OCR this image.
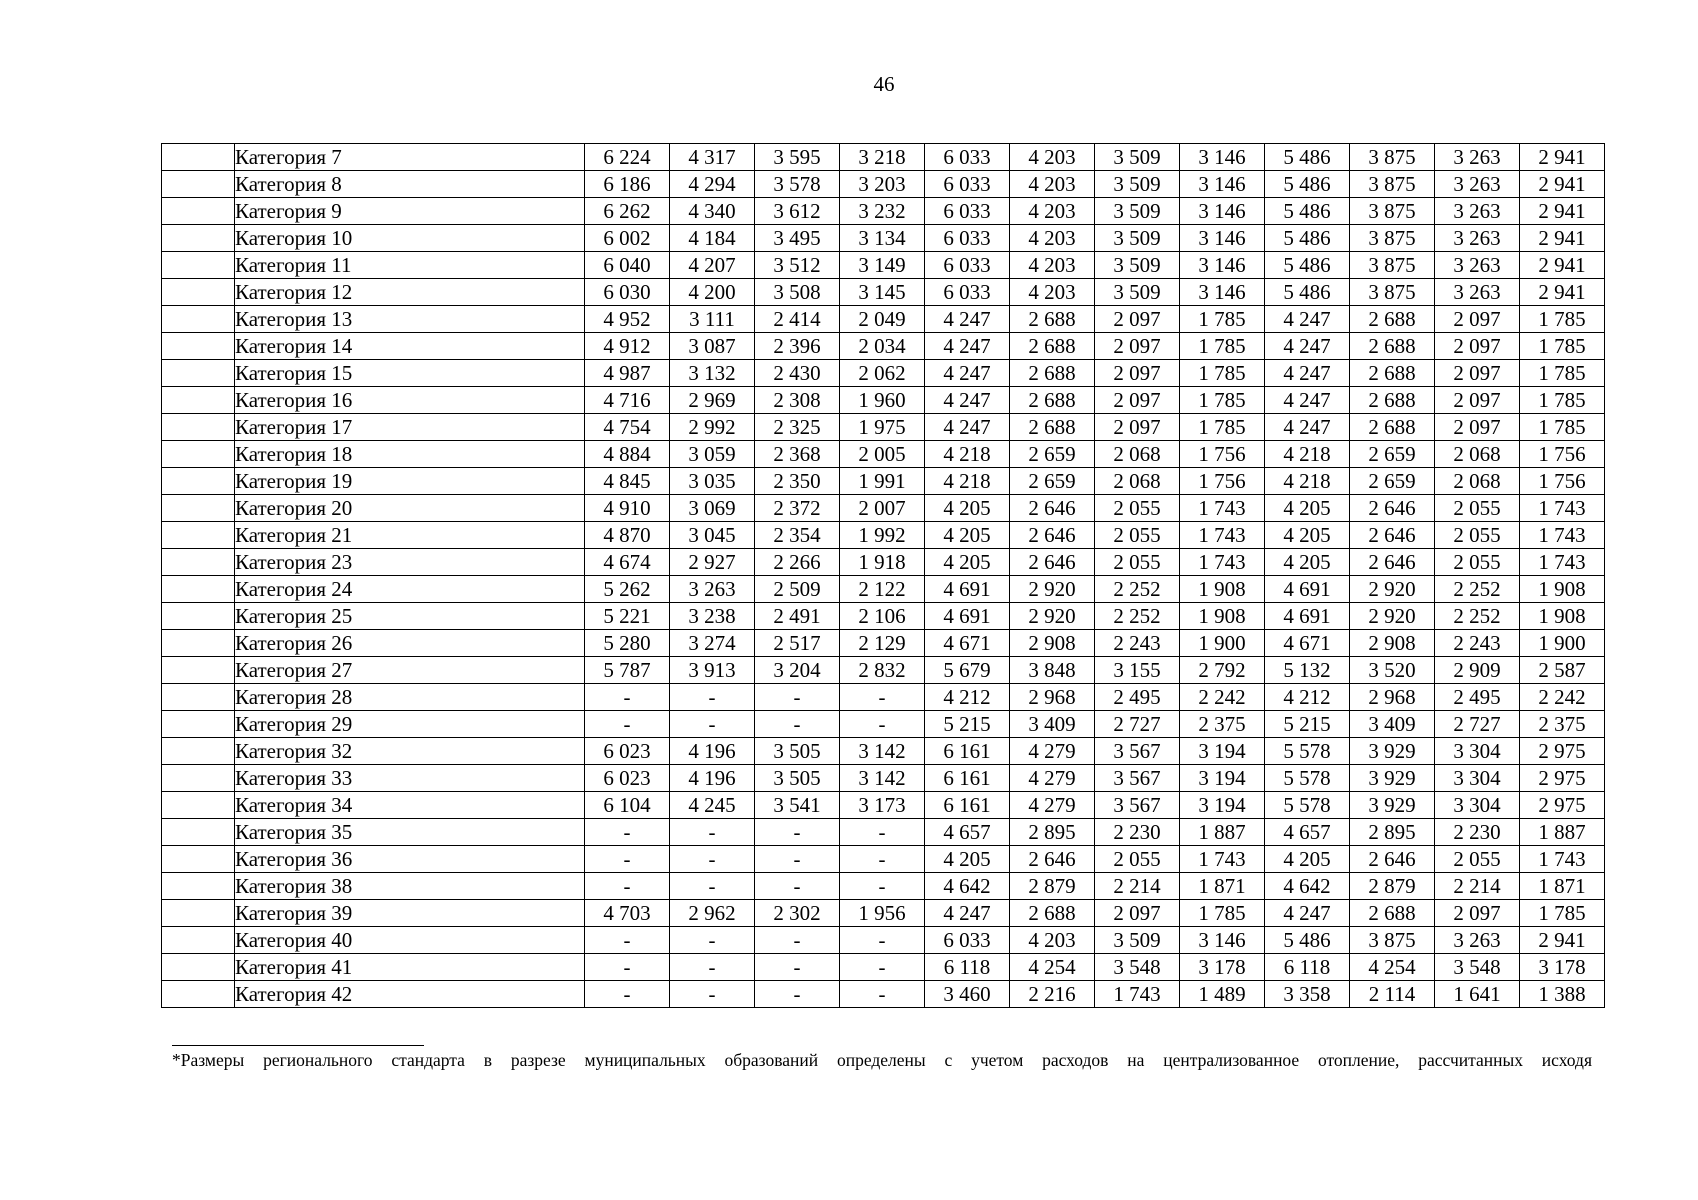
46
	Категория 7	6 224	4 317	3 595	3 218	6 033	4 203	3 509	3 146	5 486	3 875	3 263	2 941
	Категория 8	6 186	4 294	3 578	3 203	6 033	4 203	3 509	3 146	5 486	3 875	3 263	2 941
	Категория 9	6 262	4 340	3 612	3 232	6 033	4 203	3 509	3 146	5 486	3 875	3 263	2 941
	Категория 10	6 002	4 184	3 495	3 134	6 033	4 203	3 509	3 146	5 486	3 875	3 263	2 941
	Категория 11	6 040	4 207	3 512	3 149	6 033	4 203	3 509	3 146	5 486	3 875	3 263	2 941
	Категория 12	6 030	4 200	3 508	3 145	6 033	4 203	3 509	3 146	5 486	3 875	3 263	2 941
	Категория 13	4 952	3 111	2 414	2 049	4 247	2 688	2 097	1 785	4 247	2 688	2 097	1 785
	Категория 14	4 912	3 087	2 396	2 034	4 247	2 688	2 097	1 785	4 247	2 688	2 097	1 785
	Категория 15	4 987	3 132	2 430	2 062	4 247	2 688	2 097	1 785	4 247	2 688	2 097	1 785
	Категория 16	4 716	2 969	2 308	1 960	4 247	2 688	2 097	1 785	4 247	2 688	2 097	1 785
	Категория 17	4 754	2 992	2 325	1 975	4 247	2 688	2 097	1 785	4 247	2 688	2 097	1 785
	Категория 18	4 884	3 059	2 368	2 005	4 218	2 659	2 068	1 756	4 218	2 659	2 068	1 756
	Категория 19	4 845	3 035	2 350	1 991	4 218	2 659	2 068	1 756	4 218	2 659	2 068	1 756
	Категория 20	4 910	3 069	2 372	2 007	4 205	2 646	2 055	1 743	4 205	2 646	2 055	1 743
	Категория 21	4 870	3 045	2 354	1 992	4 205	2 646	2 055	1 743	4 205	2 646	2 055	1 743
	Категория 23	4 674	2 927	2 266	1 918	4 205	2 646	2 055	1 743	4 205	2 646	2 055	1 743
	Категория 24	5 262	3 263	2 509	2 122	4 691	2 920	2 252	1 908	4 691	2 920	2 252	1 908
	Категория 25	5 221	3 238	2 491	2 106	4 691	2 920	2 252	1 908	4 691	2 920	2 252	1 908
	Категория 26	5 280	3 274	2 517	2 129	4 671	2 908	2 243	1 900	4 671	2 908	2 243	1 900
	Категория 27	5 787	3 913	3 204	2 832	5 679	3 848	3 155	2 792	5 132	3 520	2 909	2 587
	Категория 28	-	-	-	-	4 212	2 968	2 495	2 242	4 212	2 968	2 495	2 242
	Категория 29	-	-	-	-	5 215	3 409	2 727	2 375	5 215	3 409	2 727	2 375
	Категория 32	6 023	4 196	3 505	3 142	6 161	4 279	3 567	3 194	5 578	3 929	3 304	2 975
	Категория 33	6 023	4 196	3 505	3 142	6 161	4 279	3 567	3 194	5 578	3 929	3 304	2 975
	Категория 34	6 104	4 245	3 541	3 173	6 161	4 279	3 567	3 194	5 578	3 929	3 304	2 975
	Категория 35	-	-	-	-	4 657	2 895	2 230	1 887	4 657	2 895	2 230	1 887
	Категория 36	-	-	-	-	4 205	2 646	2 055	1 743	4 205	2 646	2 055	1 743
	Категория 38	-	-	-	-	4 642	2 879	2 214	1 871	4 642	2 879	2 214	1 871
	Категория 39	4 703	2 962	2 302	1 956	4 247	2 688	2 097	1 785	4 247	2 688	2 097	1 785
	Категория 40	-	-	-	-	6 033	4 203	3 509	3 146	5 486	3 875	3 263	2 941
	Категория 41	-	-	-	-	6 118	4 254	3 548	3 178	6 118	4 254	3 548	3 178
	Категория 42	-	-	-	-	3 460	2 216	1 743	1 489	3 358	2 114	1 641	1 388
*Размеры регионального стандарта в разрезе муниципальных образований определены с учетом расходов на централизованное отопление, рассчитанных исходя
